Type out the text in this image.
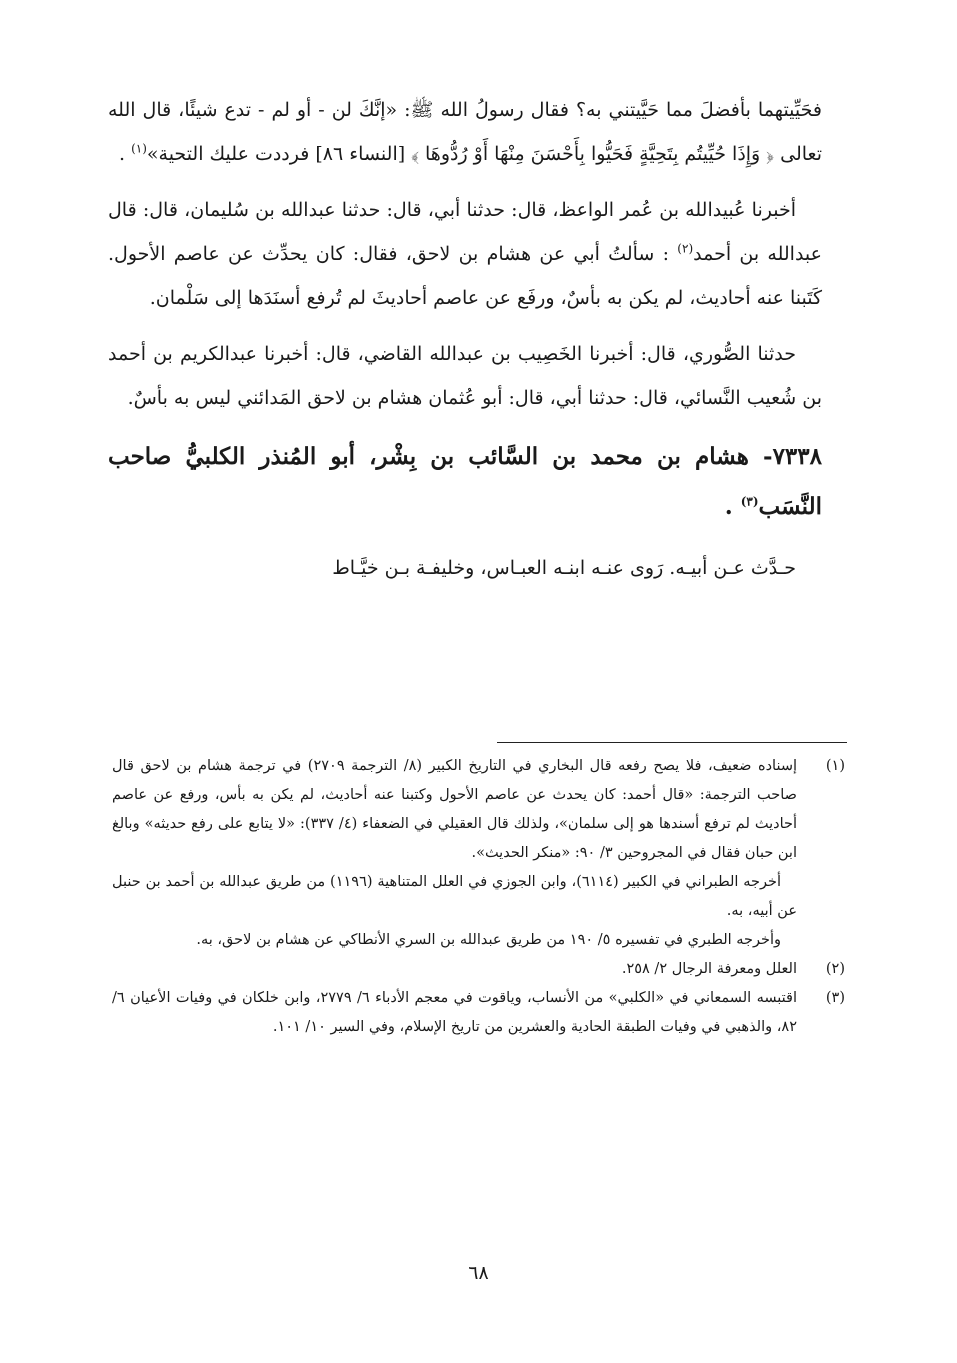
فحَيِّيتهما بأفضلَ مما حَيَّيتني به؟ فقال رسولُ الله ﷺ: «إنَّكَ لن - أو لم - تدع شيئًا، قال الله تعالى ﴿ وَإِذَا حُيِّيتُم بِتَحِيَّةٍ فَحَيُّوا بِأَحْسَنَ مِنْهَا أَوْ رُدُّوهَا ﴾ [النساء ٨٦] فرددت عليك التحية»$^{(١)}$ .

أخبرنا عُبيدالله بن عُمر الواعظ، قال: حدثنا أبي، قال: حدثنا عبدالله بن سُليمان، قال: قال عبدالله بن أحمد$^{(٢)}$ : سألتُ أبي عن هشام بن لاحق، فقال: كان يحدِّث عن عاصم الأحول. كَتَبنا عنه أحاديث، لم يكن به بأسٌ، ورفَع عن عاصم أحاديثَ لم تُرفع أسنَدَها إلى سَلْمان.

حدثنا الصُّوري، قال: أخبرنا الخَصِيب بن عبدالله القاضي، قال: أخبرنا عبدالكريم بن أحمد بن شُعيب النَّسائي، قال: حدثنا أبي، قال: أبو عُثمان هشام بن لاحق المَدائني ليس به بأسٌ.

٧٣٣٨- هشام بن محمد بن السَّائب بن بِشْر، أبو المُنذر الكلبيُّ صاحب النَّسَب$^{(٣)}$ .

حـدَّث عـن أبيـه. رَوى عنـه ابنـه العبـاس، وخليفـة بـن خيَّـاط

(١)

إسناده ضعيف، فلا يصح رفعه قال البخاري في التاريخ الكبير (٨/ الترجمة ٢٧٠٩) في ترجمة هشام بن لاحق قال صاحب الترجمة: «قال أحمد: كان يحدث عن عاصم الأحول وكتبنا عنه أحاديث، لم يكن به بأس، ورفع عن عاصم أحاديث لم ترفع أسندها هو إلى سلمان»، ولذلك قال العقيلي في الضعفاء (٤/ ٣٣٧): «لا يتابع على رفع حديثه» وبالغ ابن حبان فقال في المجروحين ٣/ ٩٠: «منكر الحديث».

أخرجه الطبراني في الكبير (٦١١٤)، وابن الجوزي في العلل المتناهية (١١٩٦) من طريق عبدالله بن أحمد بن حنبل عن أبيه، به.

وأخرجه الطبري في تفسيره ٥/ ١٩٠ من طريق عبدالله بن السري الأنطاكي عن هشام بن لاحق، به.

(٢)

العلل ومعرفة الرجال ٢/ ٢٥٨.

(٣)

اقتبسه السمعاني في «الكلبي» من الأنساب، وياقوت في معجم الأدباء ٦/ ٢٧٧٩، وابن خلكان في وفيات الأعيان ٦/ ٨٢، والذهبي في وفيات الطبقة الحادية والعشرين من تاريخ الإسلام، وفي السير ١٠/ ١٠١.

٦٨
